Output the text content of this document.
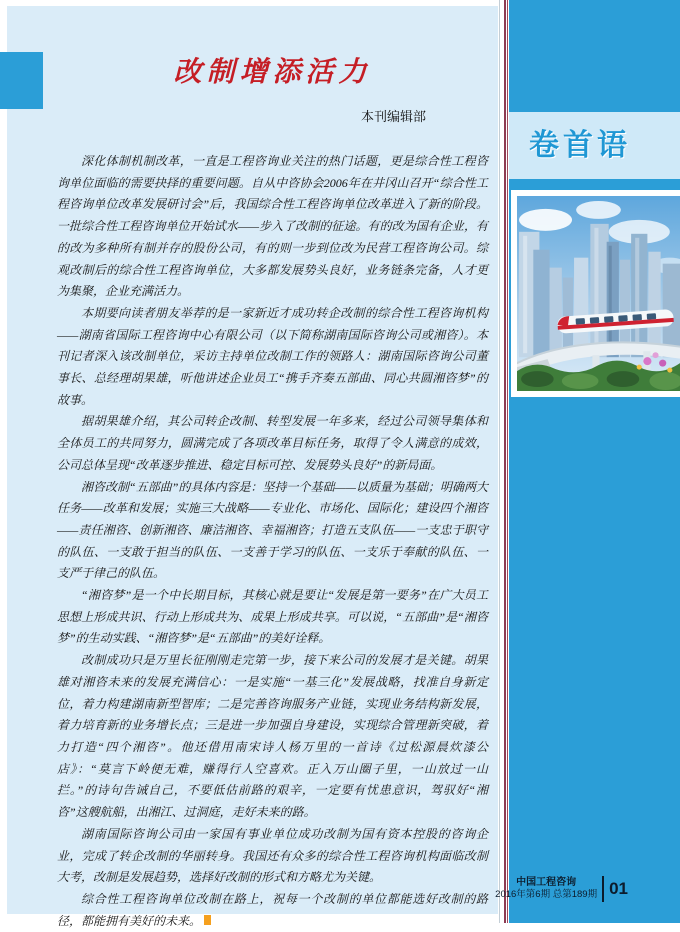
改制增添活力
本刊编辑部

深化体制机制改革，一直是工程咨询业关注的热门话题，更是综合性工程咨询单位面临的需要抉择的重要问题。自从中咨协会2006年在井冈山召开“综合性工程咨询单位改革发展研讨会”后，我国综合性工程咨询单位改革进入了新的阶段。一批综合性工程咨询单位开始试水——步入了改制的征途。有的改为国有企业，有的改为多种所有制并存的股份公司，有的则一步到位改为民营工程咨询公司。综观改制后的综合性工程咨询单位，大多都发展势头良好，业务链条完备，人才更为集聚，企业充满活力。

本期要向读者朋友举荐的是一家新近才成功转企改制的综合性工程咨询机构——湖南省国际工程咨询中心有限公司（以下简称湖南国际咨询公司或湘咨）。本刊记者深入该改制单位，采访主持单位改制工作的领路人：湖南国际咨询公司董事长、总经理胡果雄，听他讲述企业员工“携手齐奏五部曲、同心共圆湘咨梦”的故事。

据胡果雄介绍，其公司转企改制、转型发展一年多来，经过公司领导集体和全体员工的共同努力，圆满完成了各项改革目标任务，取得了令人满意的成效，公司总体呈现“改革逐步推进、稳定目标可控、发展势头良好”的新局面。

湘咨改制“五部曲”的具体内容是：坚持一个基础——以质量为基础；明确两大任务——改革和发展；实施三大战略——专业化、市场化、国际化；建设四个湘咨——责任湘咨、创新湘咨、廉洁湘咨、幸福湘咨；打造五支队伍——一支忠于职守的队伍、一支敢于担当的队伍、一支善于学习的队伍、一支乐于奉献的队伍、一支严于律己的队伍。

“湘咨梦”是一个中长期目标，其核心就是要让“发展是第一要务”在广大员工思想上形成共识、行动上形成共为、成果上形成共享。可以说，“五部曲”是“湘咨梦”的生动实践、“湘咨梦”是“五部曲”的美好诠释。

改制成功只是万里长征刚刚走完第一步，接下来公司的发展才是关键。胡果雄对湘咨未来的发展充满信心：一是实施“一基三化”发展战略，找准自身新定位，着力构建湖南新型智库；二是完善咨询服务产业链，实现业务结构新发展，着力培育新的业务增长点；三是进一步加强自身建设，实现综合管理新突破，着力打造“四个湘咨”。他还借用南宋诗人杨万里的一首诗《过松源晨炊漆公店》：“莫言下岭便无难，赚得行人空喜欢。正入万山圈子里，一山放过一山拦。”的诗句告诫自己，不要低估前路的艰辛，一定要有忧患意识，驾驭好“湘咨”这艘航船，出湘江、过洞庭，走好未来的路。

湖南国际咨询公司由一家国有事业单位成功改制为国有资本控股的咨询企业，完成了转企改制的华丽转身。我国还有众多的综合性工程咨询机构面临改制大考，改制是发展趋势，选择好改制的形式和方略尤为关键。

综合性工程咨询单位改制在路上，祝每一个改制的单位都能选好改制的路径，都能拥有美好的未来。

卷首语
中国工程咨询
2016年第6期 总第189期 01
